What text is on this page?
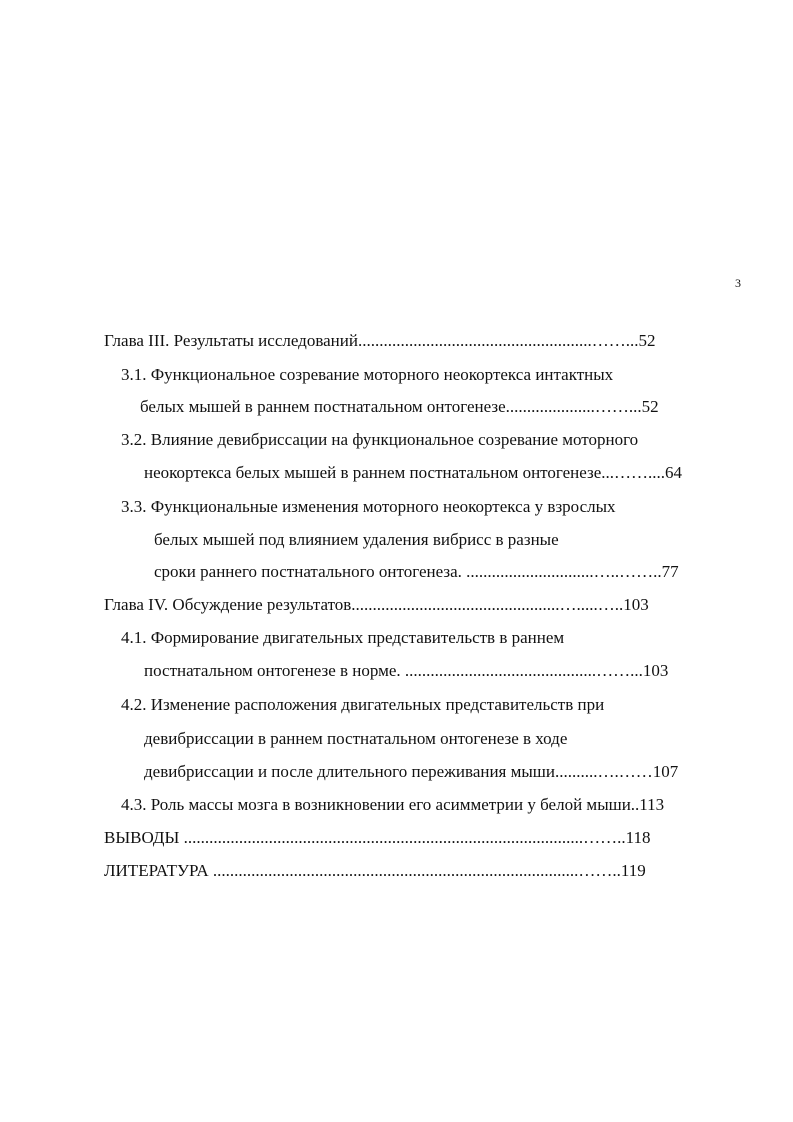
3
Глава III. Результаты исследований.......................................................……...52
3.1. Функциональное созревание моторного неокортекса интактных
белых мышей в раннем постнатальном онтогенезе.....................……...52
3.2. Влияние девибриссации на функциональное созревание моторного
неокортекса белых мышей в раннем постнатальном онтогенезе...……....64
3.3. Функциональные изменения моторного неокортекса у взрослых
белых мышей под влиянием удаления вибрисс в разные
сроки раннего постнатального онтогенеза. ..............................…..……..77
Глава IV. Обсуждение результатов.................................................….....…..103
4.1. Формирование двигательных представительств в раннем
постнатальном онтогенезе в норме. .............................................……...103
4.2. Изменение расположения двигательных представительств при
девибриссации в раннем постнатальном онтогенезе в ходе
девибриссации и после длительного переживания мыши..........….……107
4.3. Роль массы мозга в возникновении его асимметрии у белой мыши..113
ВЫВОДЫ ..............................................................................................……..118
ЛИТЕРАТУРА ......................................................................................……..119
